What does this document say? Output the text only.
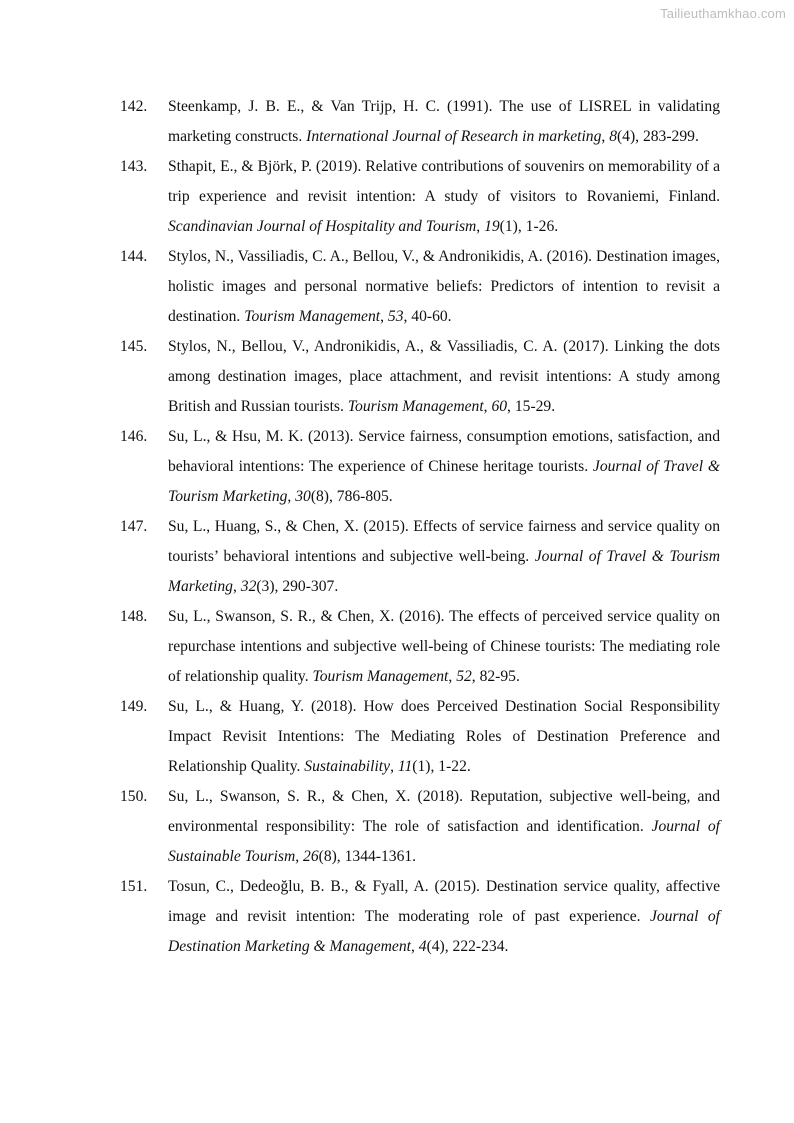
Tailieuthamkhao.com
142.	Steenkamp, J. B. E., & Van Trijp, H. C. (1991). The use of LISREL in validating marketing constructs. International Journal of Research in marketing, 8(4), 283-299.

143.	Sthapit, E., & Björk, P. (2019). Relative contributions of souvenirs on memorability of a trip experience and revisit intention: A study of visitors to Rovaniemi, Finland. Scandinavian Journal of Hospitality and Tourism, 19(1), 1-26.

144.	Stylos, N., Vassiliadis, C. A., Bellou, V., & Andronikidis, A. (2016). Destination images, holistic images and personal normative beliefs: Predictors of intention to revisit a destination. Tourism Management, 53, 40-60.

145.	Stylos, N., Bellou, V., Andronikidis, A., & Vassiliadis, C. A. (2017). Linking the dots among destination images, place attachment, and revisit intentions: A study among British and Russian tourists. Tourism Management, 60, 15-29.

146.	Su, L., & Hsu, M. K. (2013). Service fairness, consumption emotions, satisfaction, and behavioral intentions: The experience of Chinese heritage tourists. Journal of Travel & Tourism Marketing, 30(8), 786-805.

147.	Su, L., Huang, S., & Chen, X. (2015). Effects of service fairness and service quality on tourists’ behavioral intentions and subjective well-being. Journal of Travel & Tourism Marketing, 32(3), 290-307.

148.	Su, L., Swanson, S. R., & Chen, X. (2016). The effects of perceived service quality on repurchase intentions and subjective well-being of Chinese tourists: The mediating role of relationship quality. Tourism Management, 52, 82-95.

149.	Su, L., & Huang, Y. (2018). How does Perceived Destination Social Responsibility Impact Revisit Intentions: The Mediating Roles of Destination Preference and Relationship Quality. Sustainability, 11(1), 1-22.

150.	Su, L., Swanson, S. R., & Chen, X. (2018). Reputation, subjective well-being, and environmental responsibility: The role of satisfaction and identification. Journal of Sustainable Tourism, 26(8), 1344-1361.

151.	Tosun, C., Dedeoğlu, B. B., & Fyall, A. (2015). Destination service quality, affective image and revisit intention: The moderating role of past experience. Journal of Destination Marketing & Management, 4(4), 222-234.
